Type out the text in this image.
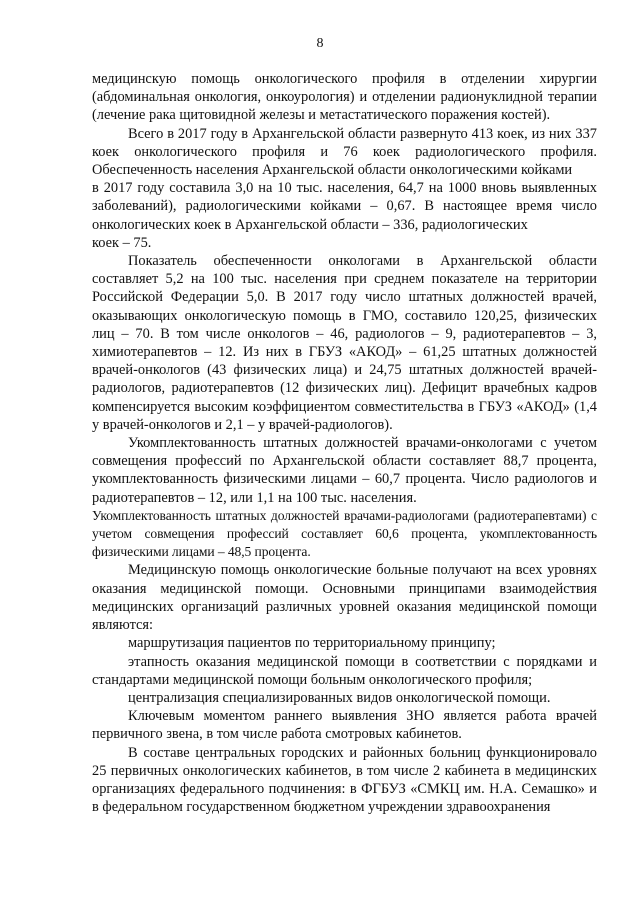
8

медицинскую помощь онкологического профиля в отделении хирургии (абдоминальная онкология, онкоурология) и отделении радионуклидной терапии (лечение рака щитовидной железы и метастатического поражения костей).

Всего в 2017 году в Архангельской области развернуто 413 коек, из них 337 коек онкологического профиля и 76 коек радиологического профиля. Обеспеченность населения Архангельской области онкологическими койками
в 2017 году составила 3,0 на 10 тыс. населения, 64,7 на 1000 вновь выявленных заболеваний), радиологическими койками – 0,67. В настоящее время число онкологических коек в Архангельской области – 336, радиологических
коек – 75.

Показатель обеспеченности онкологами в Архангельской области составляет 5,2 на 100 тыс. населения при среднем показателе на территории Российской Федерации 5,0. В 2017 году число штатных должностей врачей, оказывающих онкологическую помощь в ГМО, составило 120,25, физических лиц – 70. В том числе онкологов – 46, радиологов – 9, радиотерапевтов – 3, химиотерапевтов – 12. Из них в ГБУЗ «АКОД» – 61,25 штатных должностей врачей-онкологов (43 физических лица) и 24,75 штатных должностей врачей-радиологов, радиотерапевтов (12 физических лиц). Дефицит врачебных кадров компенсируется высоким коэффициентом совместительства в ГБУЗ «АКОД» (1,4 у врачей-онкологов и 2,1 – у врачей-радиологов).

Укомплектованность штатных должностей врачами-онкологами с учетом совмещения профессий по Архангельской области составляет 88,7 процента, укомплектованность физическими лицами – 60,7 процента. Число радиологов и радиотерапевтов – 12, или 1,1 на 100 тыс. населения.

Укомплектованность штатных должностей врачами-радиологами (радиотерапевтами) с учетом совмещения профессий составляет 60,6 процента, укомплектованность физическими лицами – 48,5 процента.

Медицинскую помощь онкологические больные получают на всех уровнях оказания медицинской помощи. Основными принципами взаимодействия медицинских организаций различных уровней оказания медицинской помощи являются:

маршрутизация пациентов по территориальному принципу;

этапность оказания медицинской помощи в соответствии с порядками и стандартами медицинской помощи больным онкологического профиля;

централизация специализированных видов онкологической помощи.

Ключевым моментом раннего выявления ЗНО является работа врачей первичного звена, в том числе работа смотровых кабинетов.

В составе центральных городских и районных больниц функционировало 25 первичных онкологических кабинетов, в том числе 2 кабинета в медицинских организациях федерального подчинения: в ФГБУЗ «СМКЦ им. Н.А. Семашко» и в федеральном государственном бюджетном учреждении здравоохранения
